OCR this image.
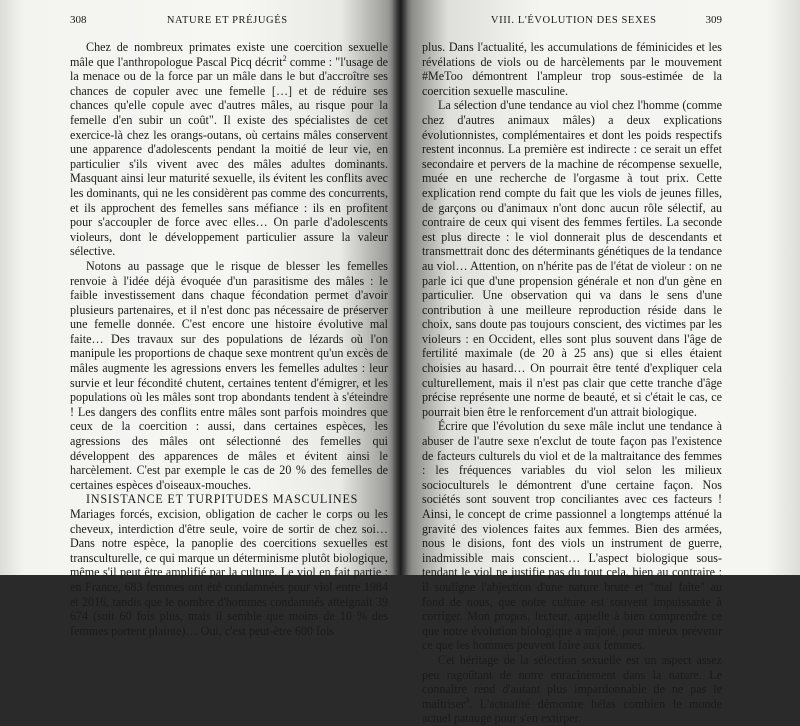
308	NATURE ET PRÉJUGÉS

Chez de nombreux primates existe une coercition sexuelle mâle que l'anthropologue Pascal Picq décrit$^2$ comme : "l'usage de la menace ou de la force par un mâle dans le but d'accroître ses chances de copuler avec une femelle […] et de réduire ses chances qu'elle copule avec d'autres mâles, au risque pour la femelle d'en subir un coût". Il existe des spécialistes de cet exercice-là chez les orangs-outans, où certains mâles conservent une apparence d'adolescents pendant la moitié de leur vie, en particulier s'ils vivent avec des mâles adultes dominants. Masquant ainsi leur maturité sexuelle, ils évitent les conflits avec les dominants, qui ne les considèrent pas comme des concurrents, et ils approchent des femelles sans méfiance : ils en profitent pour s'accoupler de force avec elles… On parle d'adolescents violeurs, dont le développement particulier assure la valeur sélective.

Notons au passage que le risque de blesser les femelles renvoie à l'idée déjà évoquée d'un parasitisme des mâles : le faible investissement dans chaque fécondation permet d'avoir plusieurs partenaires, et il n'est donc pas nécessaire de préserver une femelle donnée. C'est encore une histoire évolutive mal faite… Des travaux sur des populations de lézards où l'on manipule les proportions de chaque sexe montrent qu'un excès de mâles augmente les agressions envers les femelles adultes : leur survie et leur fécondité chutent, certaines tentent d'émigrer, et les populations où les mâles sont trop abondants tendent à s'éteindre ! Les dangers des conflits entre mâles sont parfois moindres que ceux de la coercition : aussi, dans certaines espèces, les agressions des mâles ont sélectionné des femelles qui développent des apparences de mâles et évitent ainsi le harcèlement. C'est par exemple le cas de 20 % des femelles de certaines espèces d'oiseaux-mouches.

INSISTANCE ET TURPITUDES MASCULINES

Mariages forcés, excision, obligation de cacher le corps ou les cheveux, interdiction d'être seule, voire de sortir de chez soi… Dans notre espèce, la panoplie des coercitions sexuelles est transculturelle, ce qui marque un déterminisme plutôt biologique, même s'il peut être amplifié par la culture. Le viol en fait partie : en France, 683 femmes ont été condamnées pour viol entre 1984 et 2016, tandis que le nombre d'hommes condamnés atteignait 39 674 (soit 60 fois plus, mais il semble que moins de 10 % des femmes portent plainte)… Oui, c'est peut-être 600 fois

VIII. L'ÉVOLUTION DES SEXES	309

plus. Dans l'actualité, les accumulations de féminicides et les révélations de viols ou de harcèlements par le mouvement #MeToo démontrent l'ampleur trop sous-estimée de la coercition sexuelle masculine.

La sélection d'une tendance au viol chez l'homme (comme chez d'autres animaux mâles) a deux explications évolutionnistes, complémentaires et dont les poids respectifs restent inconnus. La première est indirecte : ce serait un effet secondaire et pervers de la machine de récompense sexuelle, muée en une recherche de l'orgasme à tout prix. Cette explication rend compte du fait que les viols de jeunes filles, de garçons ou d'animaux n'ont donc aucun rôle sélectif, au contraire de ceux qui visent des femmes fertiles. La seconde est plus directe : le viol donnerait plus de descendants et transmettrait donc des déterminants génétiques de la tendance au viol… Attention, on n'hérite pas de l'état de violeur : on ne parle ici que d'une propension générale et non d'un gène en particulier. Une observation qui va dans le sens d'une contribution à une meilleure reproduction réside dans le choix, sans doute pas toujours conscient, des victimes par les violeurs : en Occident, elles sont plus souvent dans l'âge de fertilité maximale (de 20 à 25 ans) que si elles étaient choisies au hasard… On pourrait être tenté d'expliquer cela culturellement, mais il n'est pas clair que cette tranche d'âge précise représente une norme de beauté, et si c'était le cas, ce pourrait bien être le renforcement d'un attrait biologique.

Écrire que l'évolution du sexe mâle inclut une tendance à abuser de l'autre sexe n'exclut de toute façon pas l'existence de facteurs culturels du viol et de la maltraitance des femmes : les fréquences variables du viol selon les milieux socioculturels le démontrent d'une certaine façon. Nos sociétés sont souvent trop conciliantes avec ces facteurs ! Ainsi, le concept de crime passionnel a longtemps atténué la gravité des violences faites aux femmes. Bien des armées, nous le disions, font des viols un instrument de guerre, inadmissible mais conscient… L'aspect biologique sous-tendant le viol ne justifie pas du tout cela, bien au contraire : il souligne l'abjection d'une nature brute et "mal faite" au fond de nous, que notre culture est souvent impuissante à corriger. Mon propos, lecteur, appelle à bien comprendre ce que notre évolution biologique a mijoté, pour mieux prévenir ce que les hommes peuvent faire aux femmes.

Cet héritage de la sélection sexuelle est un aspect assez peu ragoûtant de notre enracinement dans la nature. Le connaître rend d'autant plus impardonnable de ne pas le maîtriser$^3$. L'actualité démontre hélas combien le monde actuel patauge pour s'en extirper.
